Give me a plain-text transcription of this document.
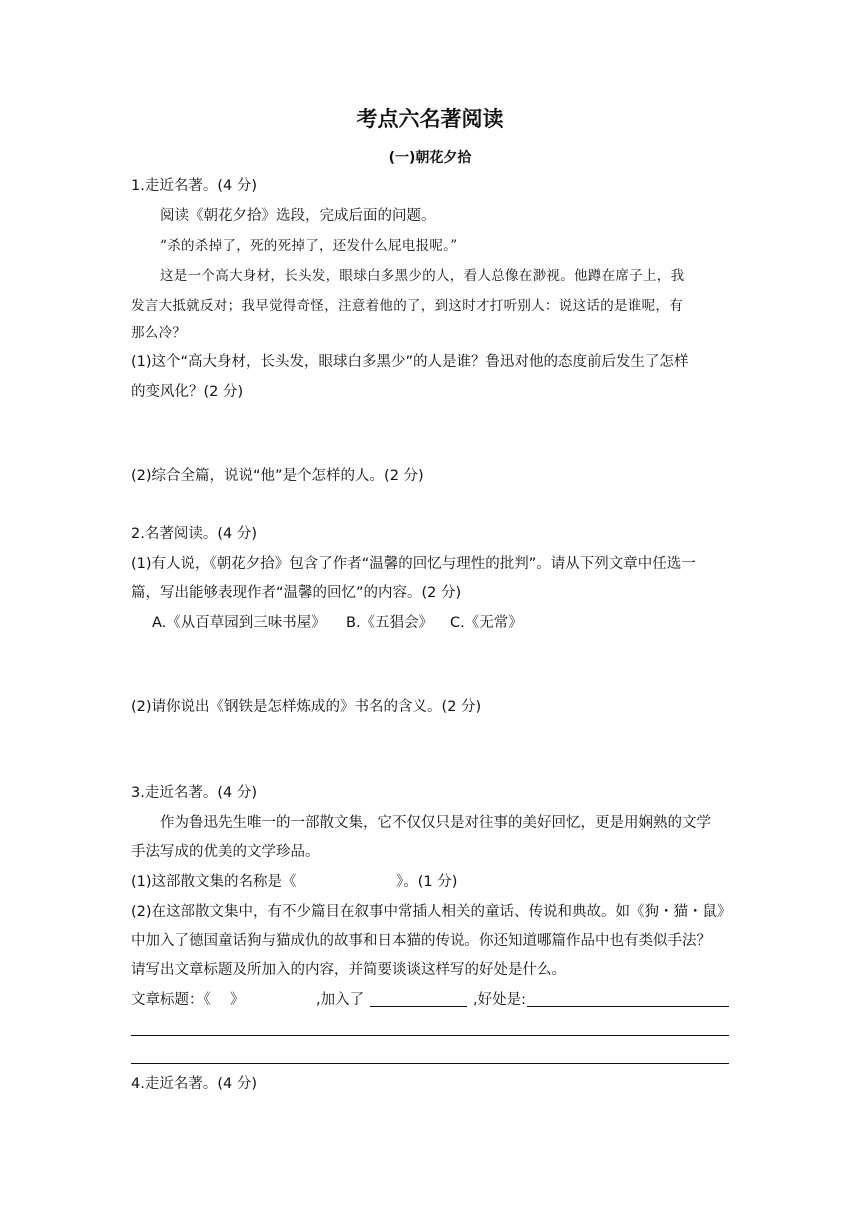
考点六名著阅读
(一)朝花夕拾
1.走近名著。(4 分)
阅读《朝花夕拾》选段，完成后面的问题。
“杀的杀掉了，死的死掉了，还发什么屁电报呢。”
这是一个高大身材，长头发，眼球白多黑少的人，看人总像在渺视。他蹲在席子上，我
发言大抵就反对；我早觉得奇怪，注意着他的了，到这时才打听别人：说这话的是谁呢，有
那么冷？
(1)这个“高大身材，长头发，眼球白多黑少”的人是谁？鲁迅对他的态度前后发生了怎样
的变风化？(2 分)
(2)综合全篇，说说“他”是个怎样的人。(2 分)
2.名著阅读。(4 分)
(1)有人说，《朝花夕拾》包含了作者“温馨的回忆与理性的批判”。请从下列文章中任选一
篇，写出能够表现作者“温馨的回忆”的内容。(2 分)
A.《从百草园到三味书屋》 B.《五猖会》 C.《无常》
(2)请你说出《钢铁是怎样炼成的》书名的含义。(2 分)
3.走近名著。(4 分)
作为鲁迅先生唯一的一部散文集，它不仅仅只是对往事的美好回忆，更是用娴熟的文学
手法写成的优美的文学珍品。
(1)这部散文集的名称是《	》。(1 分)
(2)在这部散文集中，有不少篇目在叙事中常插人相关的童话、传说和典故。如《狗・猫・鼠》
中加入了德国童话狗与猫成仇的故事和日本猫的传说。你还知道哪篇作品中也有类似手法？
请写出文章标题及所加入的内容，并简要谈谈这样写的好处是什么。
文章标题：《 》	,加入了	,好处是:
4.走近名著。(4 分)
